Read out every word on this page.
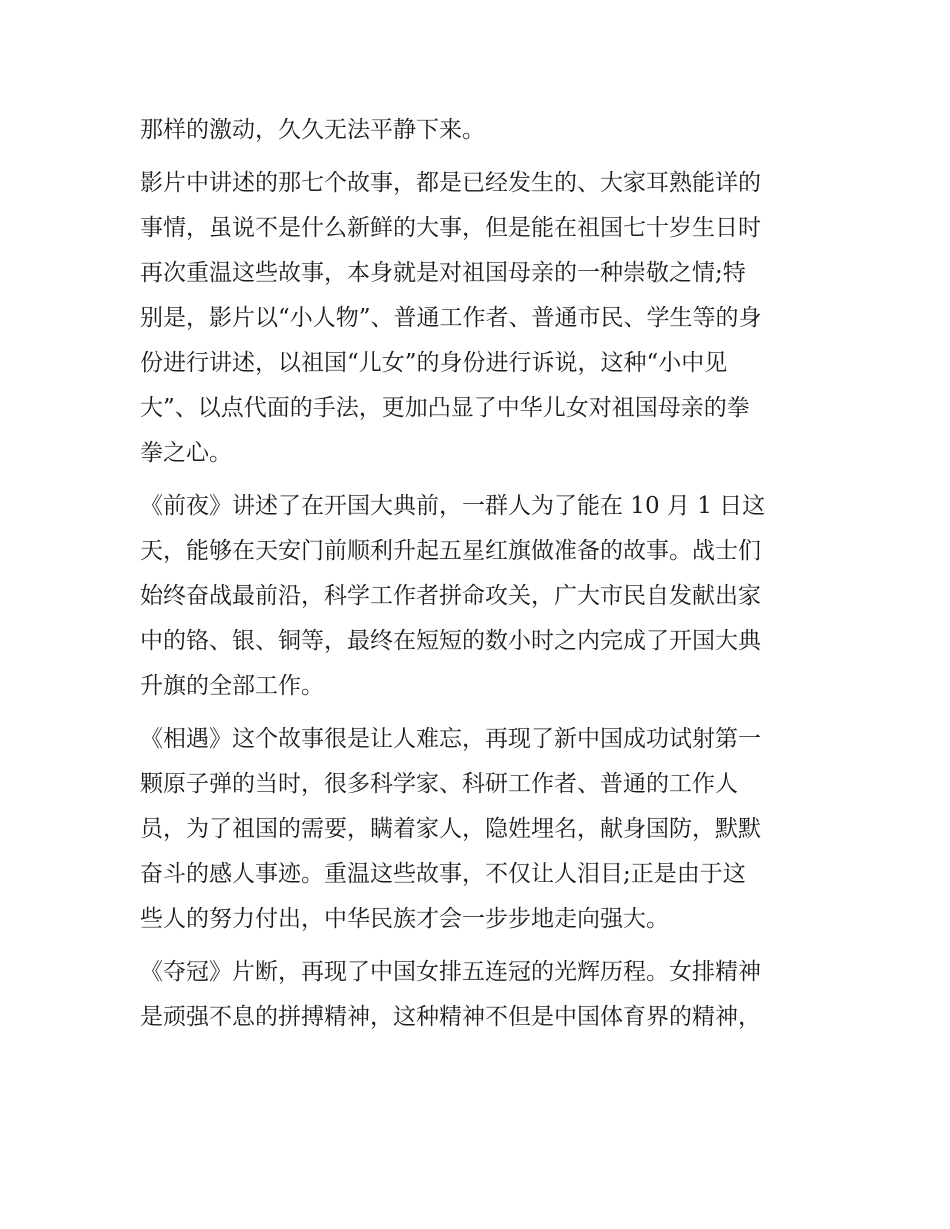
那样的激动，久久无法平静下来。
影片中讲述的那七个故事，都是已经发生的、大家耳熟能详的
事情，虽说不是什么新鲜的大事，但是能在祖国七十岁生日时
再次重温这些故事，本身就是对祖国母亲的一种崇敬之情;特
别是，影片以“小人物”、普通工作者、普通市民、学生等的身
份进行讲述，以祖国“儿女”的身份进行诉说，这种“小中见
大”、以点代面的手法，更加凸显了中华儿女对祖国母亲的拳
拳之心。
《前夜》讲述了在开国大典前，一群人为了能在 10 月 1 日这
天，能够在天安门前顺利升起五星红旗做准备的故事。战士们
始终奋战最前沿，科学工作者拼命攻关，广大市民自发献出家
中的铬、银、铜等，最终在短短的数小时之内完成了开国大典
升旗的全部工作。
《相遇》这个故事很是让人难忘，再现了新中国成功试射第一
颗原子弹的当时，很多科学家、科研工作者、普通的工作人
员，为了祖国的需要，瞒着家人，隐姓埋名，献身国防，默默
奋斗的感人事迹。重温这些故事，不仅让人泪目;正是由于这
些人的努力付出，中华民族才会一步步地走向强大。
《夺冠》片断，再现了中国女排五连冠的光辉历程。女排精神
是顽强不息的拼搏精神，这种精神不但是中国体育界的精神，
